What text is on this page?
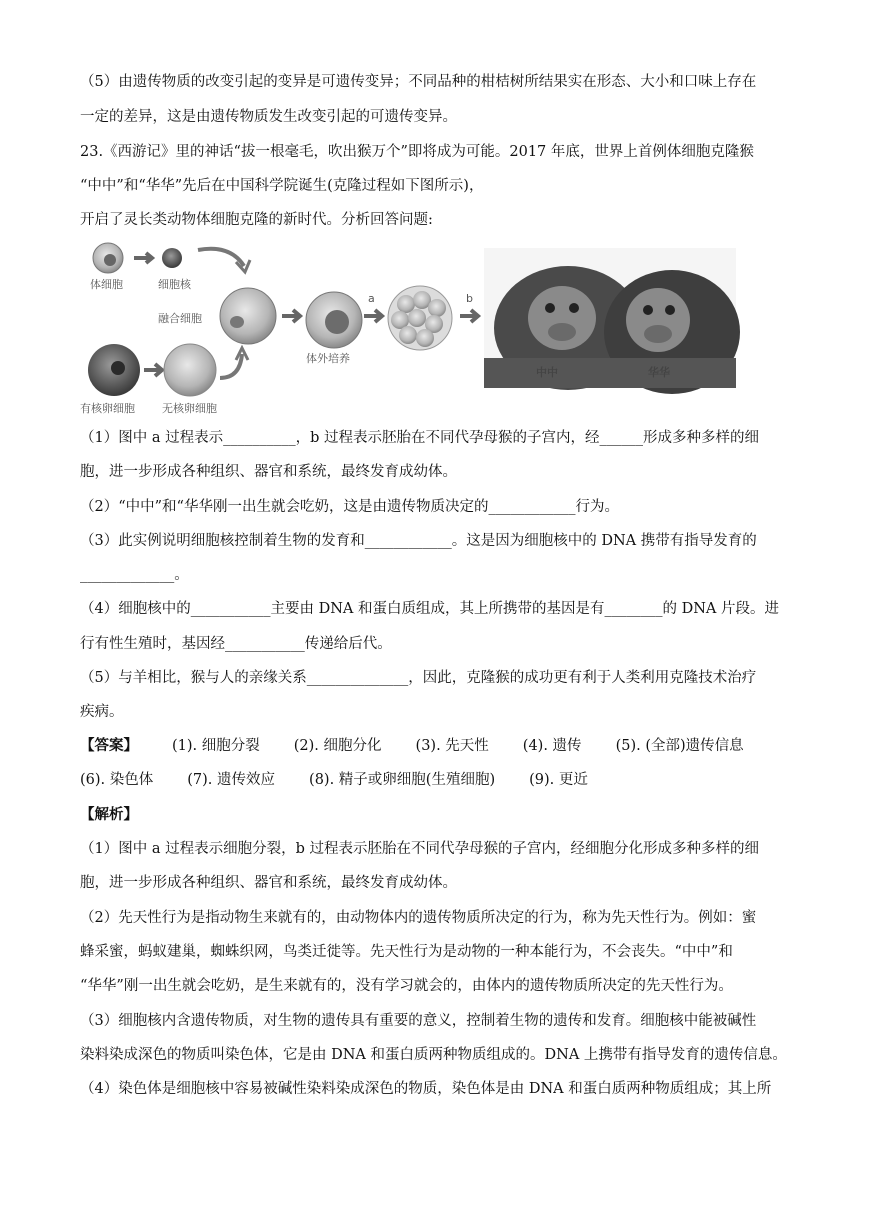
（5）由遗传物质的改变引起的变异是可遗传变异；不同品种的柑桔树所结果实在形态、大小和口味上存在
一定的差异，这是由遗传物质发生改变引起的可遗传变异。
23.《西游记》里的神话“拔一根毫毛，吹出猴万个”即将成为可能。2017 年底，世界上首例体细胞克隆猴
“中中”和“华华”先后在中国科学院诞生(克隆过程如下图所示)，
开启了灵长类动物体细胞克隆的新时代。分析回答问题:
体细胞	细胞核
融合细胞
体外培养
a	b
中中	华华
有核卵细胞 无核卵细胞
（1）图中 a 过程表示__________，b 过程表示胚胎在不同代孕母猴的子宫内，经______形成多种多样的细
胞，进一步形成各种组织、器官和系统，最终发育成幼体。
（2）“中中”和“华华刚一出生就会吃奶，这是由遗传物质决定的____________行为。
（3）此实例说明细胞核控制着生物的发育和____________。这是因为细胞核中的 DNA 携带有指导发育的
_____________。
（4）细胞核中的___________主要由 DNA 和蛋白质组成，其上所携带的基因是有________的 DNA 片段。进
行有性生殖时，基因经___________传递给后代。
（5）与羊相比，猴与人的亲缘关系______________，因此，克隆猴的成功更有利于人类利用克隆技术治疗
疾病。
【答案】 (1). 细胞分裂 (2). 细胞分化 (3). 先天性 (4). 遗传 (5). (全部)遗传信息
(6). 染色体 (7). 遗传效应 (8). 精子或卵细胞(生殖细胞) (9). 更近
【解析】
（1）图中 a 过程表示细胞分裂，b 过程表示胚胎在不同代孕母猴的子宫内，经细胞分化形成多种多样的细
胞，进一步形成各种组织、器官和系统，最终发育成幼体。
（2）先天性行为是指动物生来就有的，由动物体内的遗传物质所决定的行为，称为先天性行为。例如：蜜
蜂采蜜，蚂蚁建巢，蜘蛛织网，鸟类迁徙等。先天性行为是动物的一种本能行为，不会丧失。“中中”和
“华华”刚一出生就会吃奶，是生来就有的，没有学习就会的，由体内的遗传物质所决定的先天性行为。
（3）细胞核内含遗传物质，对生物的遗传具有重要的意义，控制着生物的遗传和发育。细胞核中能被碱性
染料染成深色的物质叫染色体，它是由 DNA 和蛋白质两种物质组成的。DNA 上携带有指导发育的遗传信息。
（4）染色体是细胞核中容易被碱性染料染成深色的物质，染色体是由 DNA 和蛋白质两种物质组成；其上所
